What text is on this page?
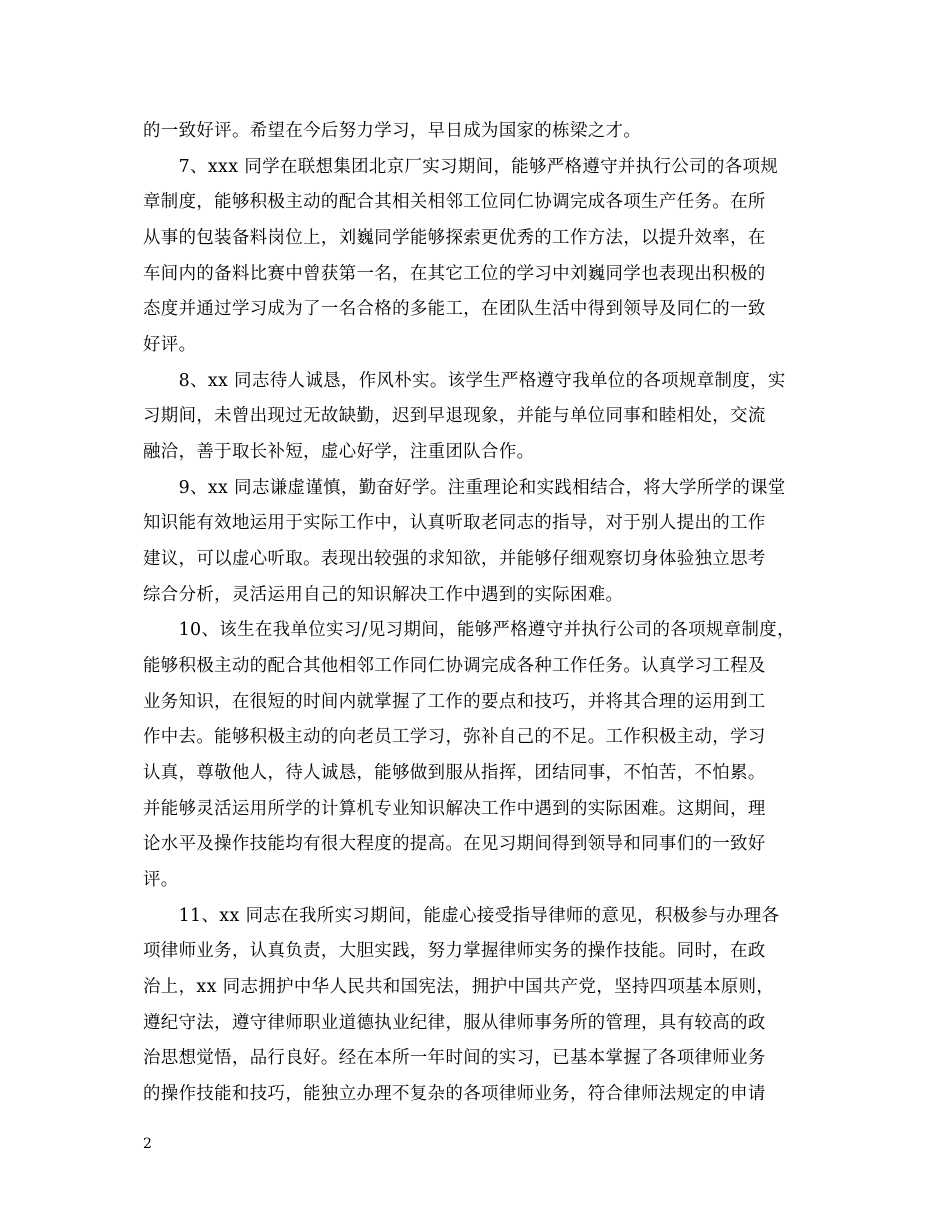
的一致好评。希望在今后努力学习，早日成为国家的栋梁之才。
　　7、xxx 同学在联想集团北京厂实习期间，能够严格遵守并执行公司的各项规
章制度，能够积极主动的配合其相关相邻工位同仁协调完成各项生产任务。在所
从事的包装备料岗位上，刘巍同学能够探索更优秀的工作方法，以提升效率，在
车间内的备料比赛中曾获第一名，在其它工位的学习中刘巍同学也表现出积极的
态度并通过学习成为了一名合格的多能工，在团队生活中得到领导及同仁的一致
好评。
　　8、xx 同志待人诚恳，作风朴实。该学生严格遵守我单位的各项规章制度，实
习期间，未曾出现过无故缺勤，迟到早退现象，并能与单位同事和睦相处，交流
融洽，善于取长补短，虚心好学，注重团队合作。
　　9、xx 同志谦虚谨慎，勤奋好学。注重理论和实践相结合，将大学所学的课堂
知识能有效地运用于实际工作中，认真听取老同志的指导，对于别人提出的工作
建议，可以虚心听取。表现出较强的求知欲，并能够仔细观察切身体验独立思考
综合分析，灵活运用自己的知识解决工作中遇到的实际困难。
　　10、该生在我单位实习/见习期间，能够严格遵守并执行公司的各项规章制度，
能够积极主动的配合其他相邻工作同仁协调完成各种工作任务。认真学习工程及
业务知识，在很短的时间内就掌握了工作的要点和技巧，并将其合理的运用到工
作中去。能够积极主动的向老员工学习，弥补自己的不足。工作积极主动，学习
认真，尊敬他人，待人诚恳，能够做到服从指挥，团结同事，不怕苦，不怕累。
并能够灵活运用所学的计算机专业知识解决工作中遇到的实际困难。这期间，理
论水平及操作技能均有很大程度的提高。在见习期间得到领导和同事们的一致好
评。
　　11、xx 同志在我所实习期间，能虚心接受指导律师的意见，积极参与办理各
项律师业务，认真负责，大胆实践，努力掌握律师实务的操作技能。同时，在政
治上，xx 同志拥护中华人民共和国宪法，拥护中国共产党，坚持四项基本原则，
遵纪守法，遵守律师职业道德执业纪律，服从律师事务所的管理，具有较高的政
治思想觉悟，品行良好。经在本所一年时间的实习，已基本掌握了各项律师业务
的操作技能和技巧，能独立办理不复杂的各项律师业务，符合律师法规定的申请
2
